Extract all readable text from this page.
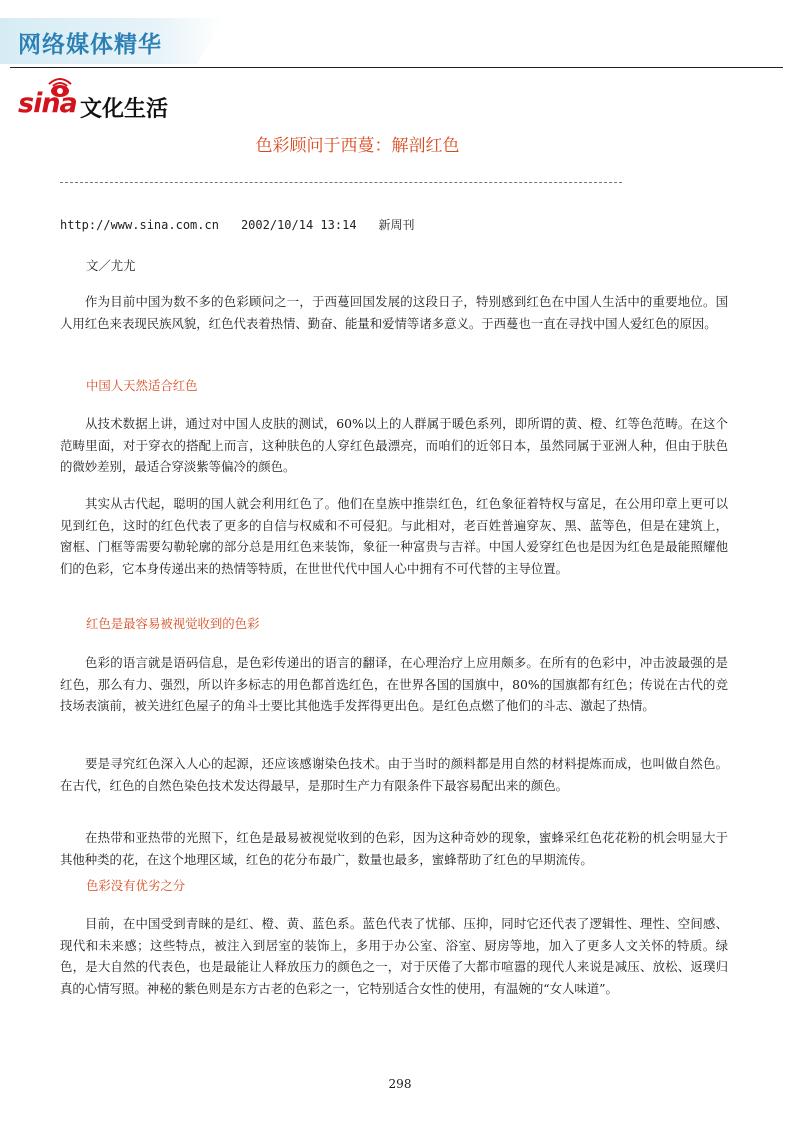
网络媒体精华
sina 文化生活
色彩顾问于西蔓：解剖红色
http://www.sina.com.cn 2002/10/14 13:14 新周刊
文／尤尤

作为目前中国为数不多的色彩顾问之一，于西蔓回国发展的这段日子，特别感到红色在中国人生活中的重要地位。国人用红色来表现民族风貌，红色代表着热情、勤奋、能量和爱情等诸多意义。于西蔓也一直在寻找中国人爱红色的原因。

中国人天然适合红色

从技术数据上讲，通过对中国人皮肤的测试，60%以上的人群属于暖色系列，即所谓的黄、橙、红等色范畴。在这个范畴里面，对于穿衣的搭配上而言，这种肤色的人穿红色最漂亮，而咱们的近邻日本，虽然同属于亚洲人种，但由于肤色的微妙差别，最适合穿淡紫等偏冷的颜色。

其实从古代起，聪明的国人就会利用红色了。他们在皇族中推崇红色，红色象征着特权与富足，在公用印章上更可以见到红色，这时的红色代表了更多的自信与权威和不可侵犯。与此相对，老百姓普遍穿灰、黑、蓝等色，但是在建筑上，窗框、门框等需要勾勒轮廓的部分总是用红色来装饰，象征一种富贵与吉祥。中国人爱穿红色也是因为红色是最能照耀他们的色彩，它本身传递出来的热情等特质，在世世代代中国人心中拥有不可代替的主导位置。

红色是最容易被视觉收到的色彩

色彩的语言就是语码信息，是色彩传递出的语言的翻译，在心理治疗上应用颇多。在所有的色彩中，冲击波最强的是红色，那么有力、强烈，所以许多标志的用色都首选红色，在世界各国的国旗中，80%的国旗都有红色；传说在古代的竞技场表演前，被关进红色屋子的角斗士要比其他选手发挥得更出色。是红色点燃了他们的斗志、激起了热情。

要是寻究红色深入人心的起源，还应该感谢染色技术。由于当时的颜料都是用自然的材料提炼而成，也叫做自然色。在古代，红色的自然色染色技术发达得最早，是那时生产力有限条件下最容易配出来的颜色。

在热带和亚热带的光照下，红色是最易被视觉收到的色彩，因为这种奇妙的现象，蜜蜂采红色花花粉的机会明显大于其他种类的花，在这个地理区域，红色的花分布最广，数量也最多，蜜蜂帮助了红色的早期流传。

色彩没有优劣之分

目前，在中国受到青睐的是红、橙、黄、蓝色系。蓝色代表了忧郁、压抑，同时它还代表了逻辑性、理性、空间感、现代和未来感；这些特点，被注入到居室的装饰上，多用于办公室、浴室、厨房等地，加入了更多人文关怀的特质。绿色，是大自然的代表色，也是最能让人释放压力的颜色之一，对于厌倦了大都市喧嚣的现代人来说是减压、放松、返璞归真的心情写照。神秘的紫色则是东方古老的色彩之一，它特别适合女性的使用，有温婉的“女人味道”。

298
